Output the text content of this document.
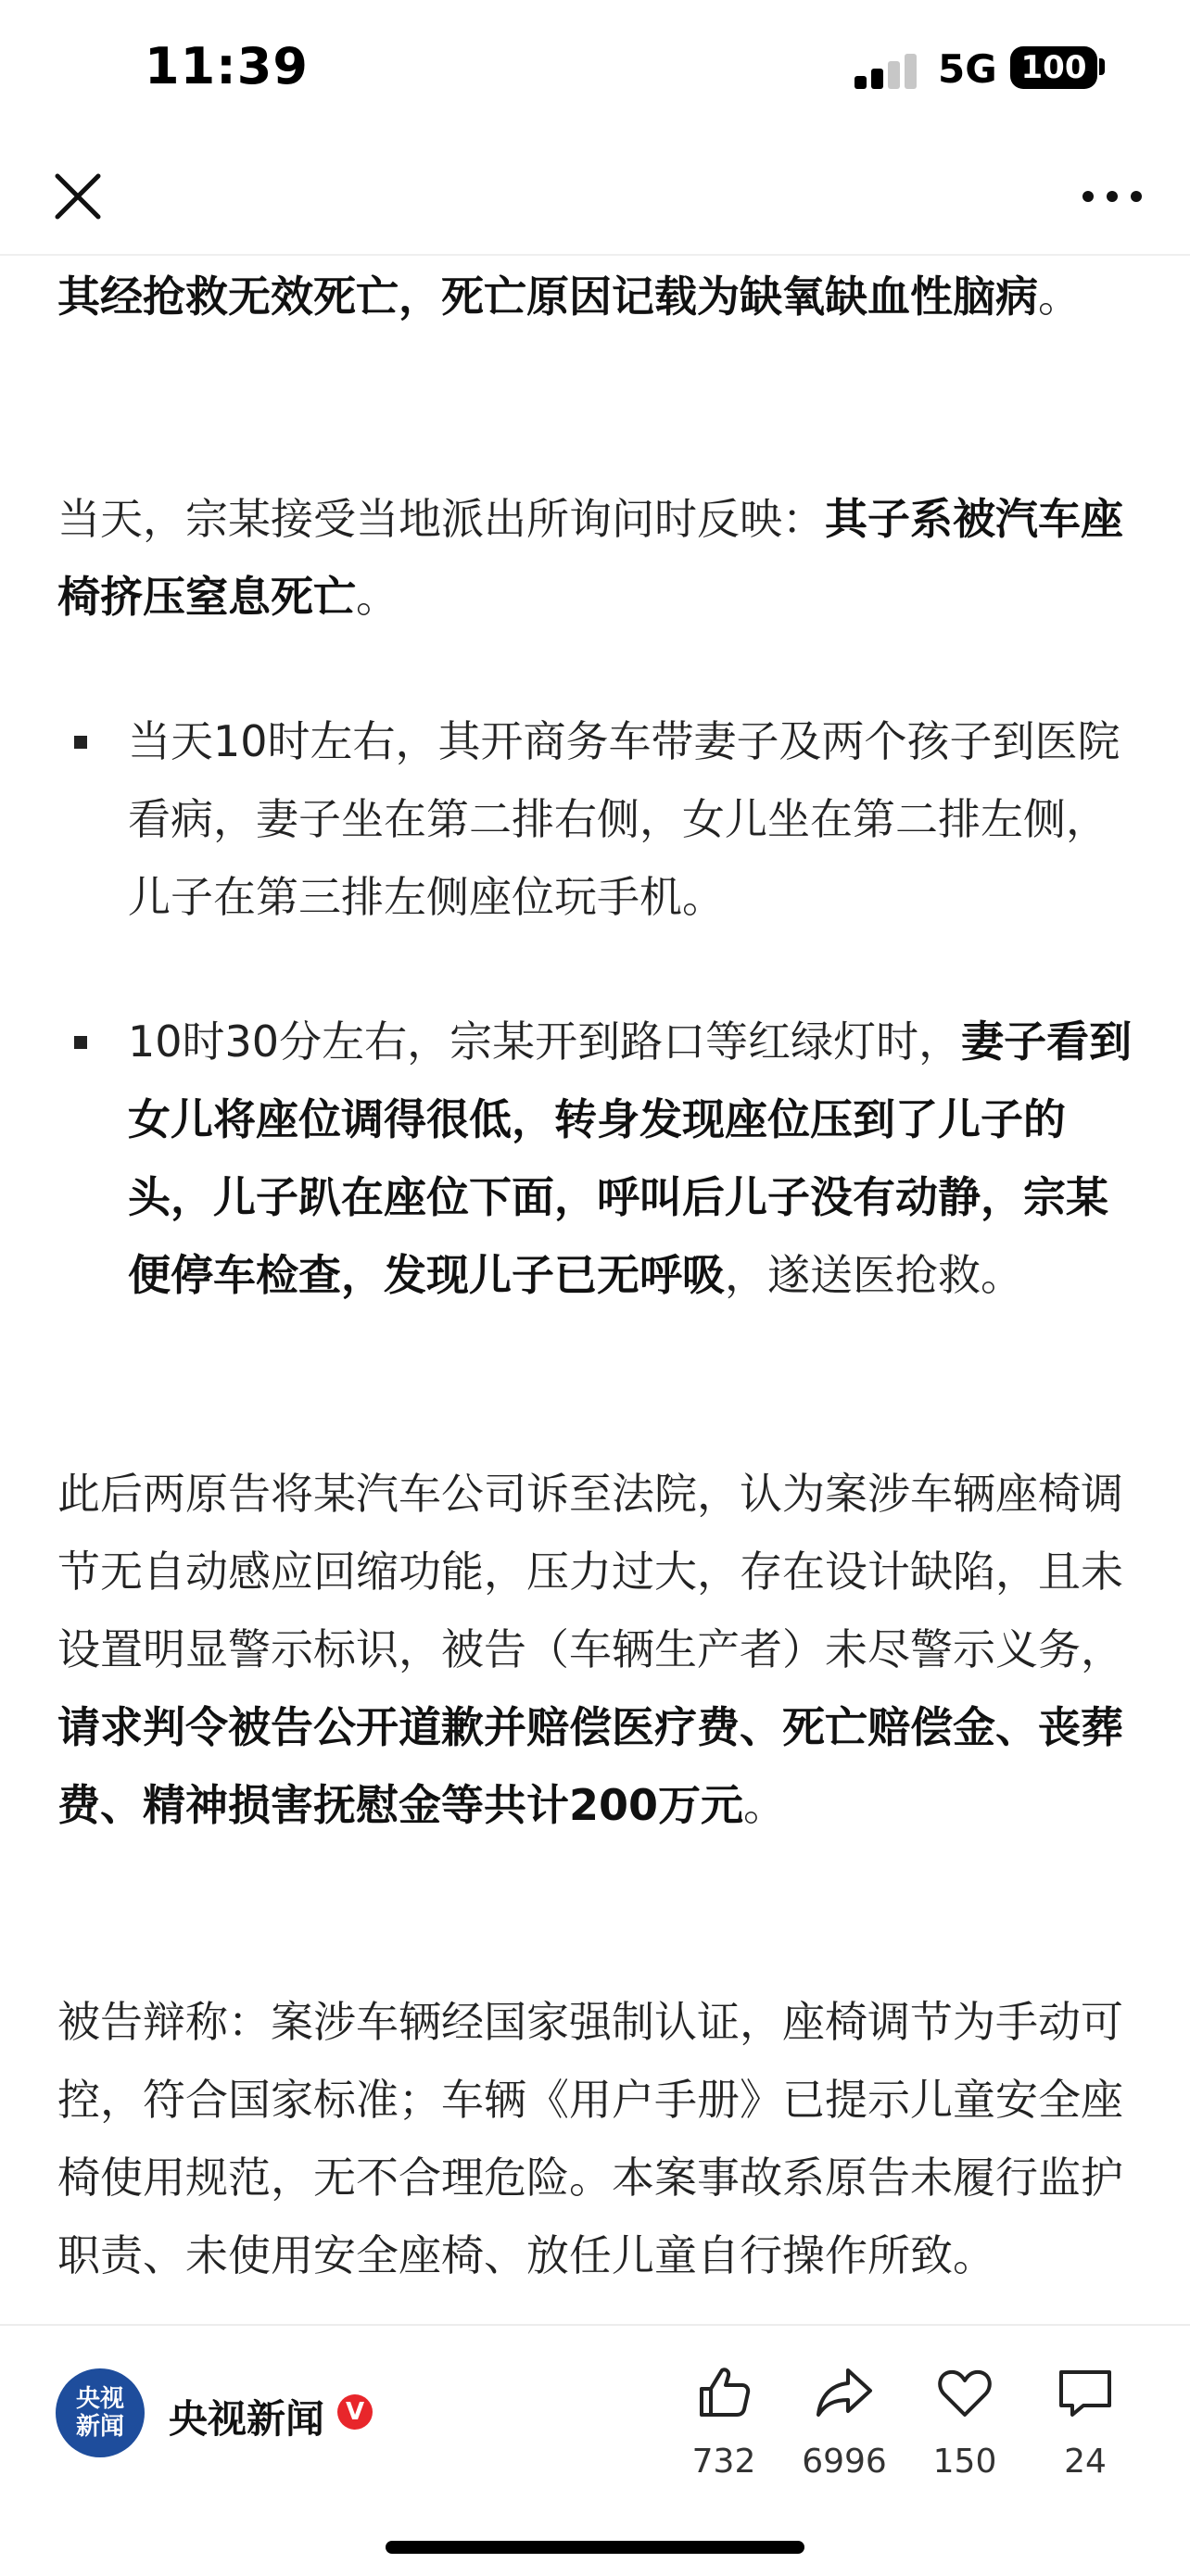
11:39	5G 100

其经抢救无效死亡，死亡原因记载为缺氧缺血性脑病。

当天，宗某接受当地派出所询问时反映：其子系被汽车座椅挤压窒息死亡。

当天10时左右，其开商务车带妻子及两个孩子到医院看病，妻子坐在第二排右侧，女儿坐在第二排左侧，儿子在第三排左侧座位玩手机。

10时30分左右，宗某开到路口等红绿灯时，妻子看到女儿将座位调得很低，转身发现座位压到了儿子的头，儿子趴在座位下面，呼叫后儿子没有动静，宗某便停车检查，发现儿子已无呼吸，遂送医抢救。

此后两原告将某汽车公司诉至法院，认为案涉车辆座椅调节无自动感应回缩功能，压力过大，存在设计缺陷，且未设置明显警示标识，被告（车辆生产者）未尽警示义务，请求判令被告公开道歉并赔偿医疗费、死亡赔偿金、丧葬费、精神损害抚慰金等共计200万元。

被告辩称：案涉车辆经国家强制认证，座椅调节为手动可控，符合国家标准；车辆《用户手册》已提示儿童安全座椅使用规范，无不合理危险。本案事故系原告未履行监护职责、未使用安全座椅、放任儿童自行操作所致。

央视
新闻	央视新闻 V
732	6996	150	24
